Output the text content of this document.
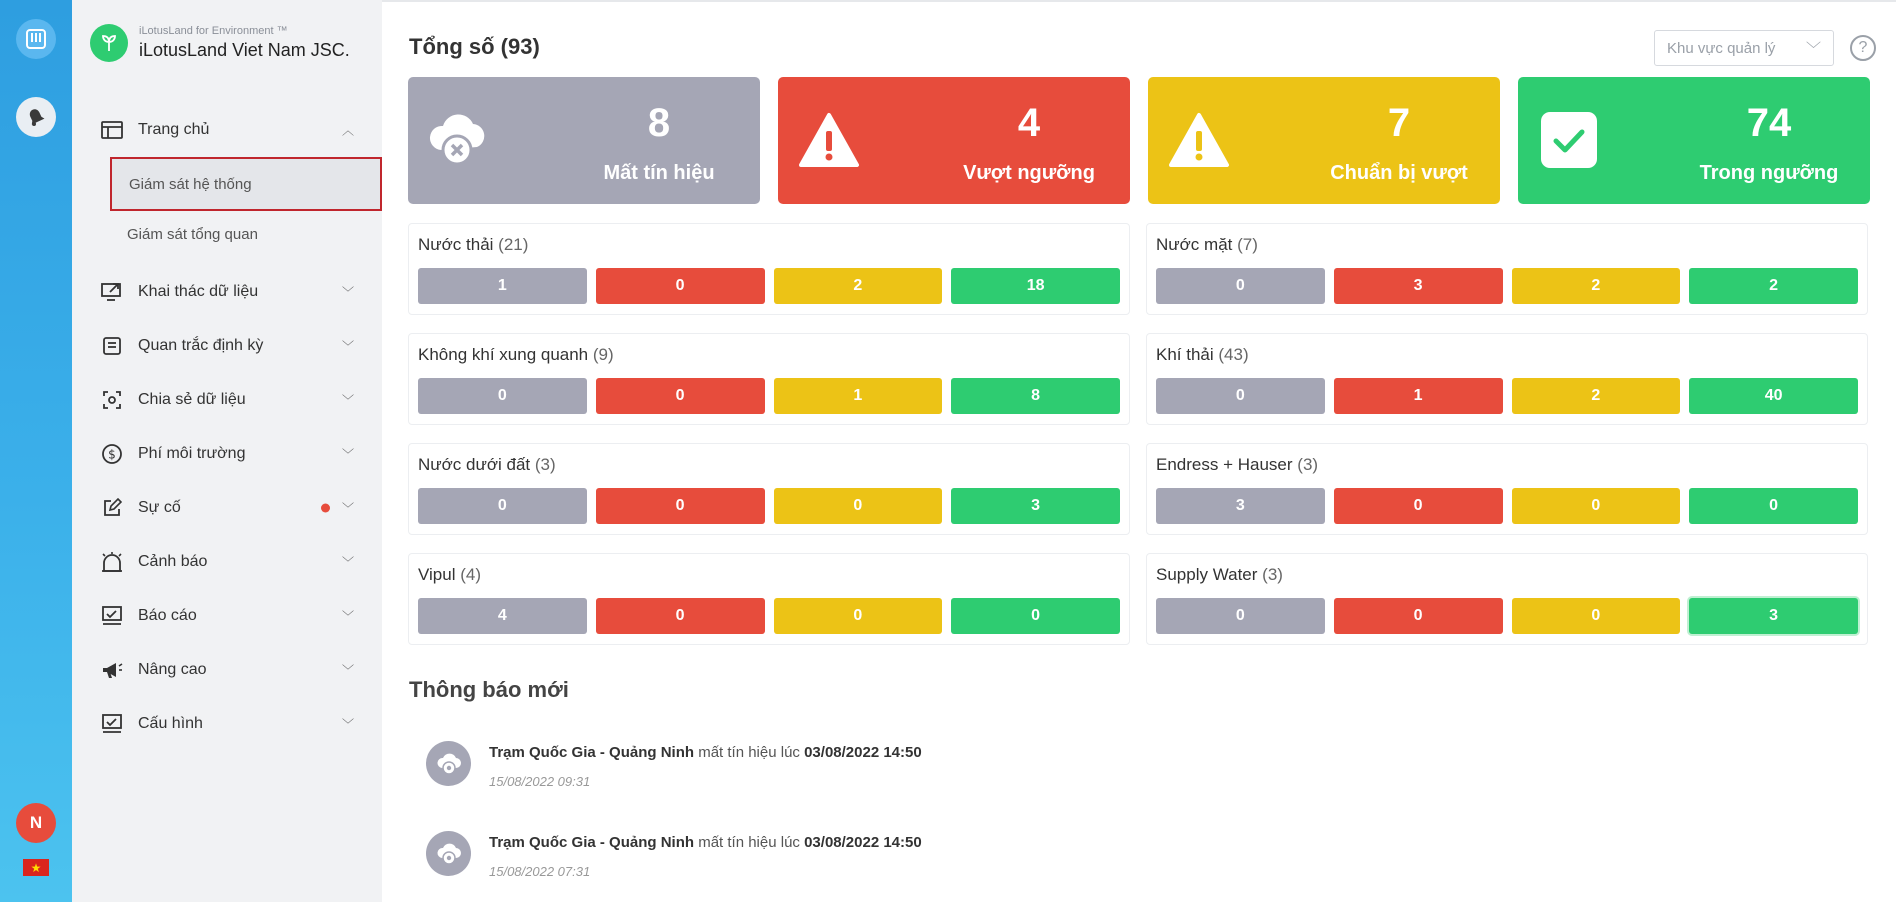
N
★
iLotusLand for Environment ™
iLotusLand Viet Nam JSC.
Trang chủ	︿
Giám sát hệ thống
Giám sát tổng quan
Khai thác dữ liệu	﹀
Quan trắc định kỳ	﹀
Chia sẻ dữ liệu	﹀
$ Phí môi trường	﹀
Sự cố	﹀
Cảnh báo	﹀
Báo cáo	﹀
Nâng cao	﹀
Cấu hình	﹀
Tổng số (93)	Khu vực quản lý ﹀	?
8
Mất tín hiệu
4
Vượt ngưỡng
7
Chuẩn bị vượt
74
Trong ngưỡng
Nước thải (21)
1	0	2	18
Nước mặt (7)
0	3	2	2
Không khí xung quanh (9)
0	0	1	8
Khí thải (43)
0	1	2	40
Nước dưới đất (3)
0	0	0	3
Endress + Hauser (3)
3	0	0	0
Vipul (4)
4	0	0	0
Supply Water (3)
0	0	0	3
Thông báo mới
Trạm Quốc Gia - Quảng Ninh mất tín hiệu lúc 03/08/2022 14:50
15/08/2022 09:31
Trạm Quốc Gia - Quảng Ninh mất tín hiệu lúc 03/08/2022 14:50
15/08/2022 07:31
